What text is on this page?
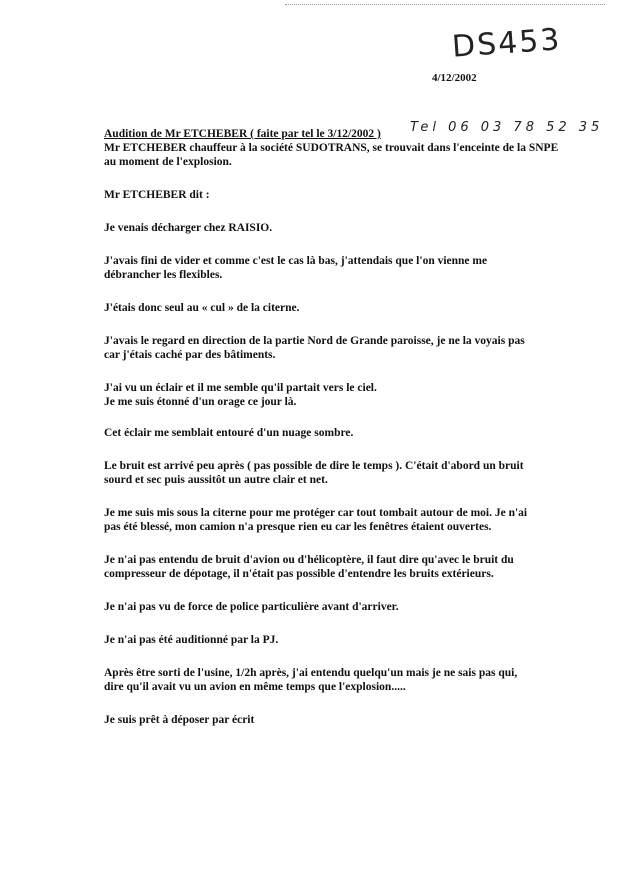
DS453
4/12/2002
Tel 06 03 78 52 35
Audition de Mr ETCHEBER ( faite par tel le 3/12/2002 )

Mr ETCHEBER chauffeur à la société SUDOTRANS, se trouvait dans l'enceinte de la SNPE au moment de l'explosion.

Mr ETCHEBER dit :

Je venais décharger chez RAISIO.

J'avais fini de vider et comme c'est le cas là bas, j'attendais que l'on vienne me
débrancher les flexibles.

J'étais donc seul au « cul » de la citerne.

J'avais le regard en direction de la partie Nord de Grande paroisse, je ne la voyais pas
car j'étais caché par des bâtiments.

J'ai vu un éclair et il me semble qu'il partait vers le ciel.
Je me suis étonné d'un orage ce jour là.

Cet éclair me semblait entouré d'un nuage sombre.

Le bruit est arrivé peu après ( pas possible de dire le temps ). C'était d'abord un bruit
sourd et sec puis aussitôt un autre clair et net.

Je me suis mis sous la citerne pour me protéger car tout tombait autour de moi. Je n'ai
pas été blessé, mon camion n'a presque rien eu car les fenêtres étaient ouvertes.

Je n'ai pas entendu de bruit d'avion ou d'hélicoptère, il faut dire qu'avec le bruit du
compresseur de dépotage, il n'était pas possible d'entendre les bruits extérieurs.

Je n'ai pas vu de force de police particulière avant d'arriver.

Je n'ai pas été auditionné par la PJ.

Après être sorti de l'usine, 1/2h après, j'ai entendu quelqu'un mais je ne sais pas qui,
dire qu'il avait vu un avion en même temps que l'explosion.....

Je suis prêt à déposer par écrit
